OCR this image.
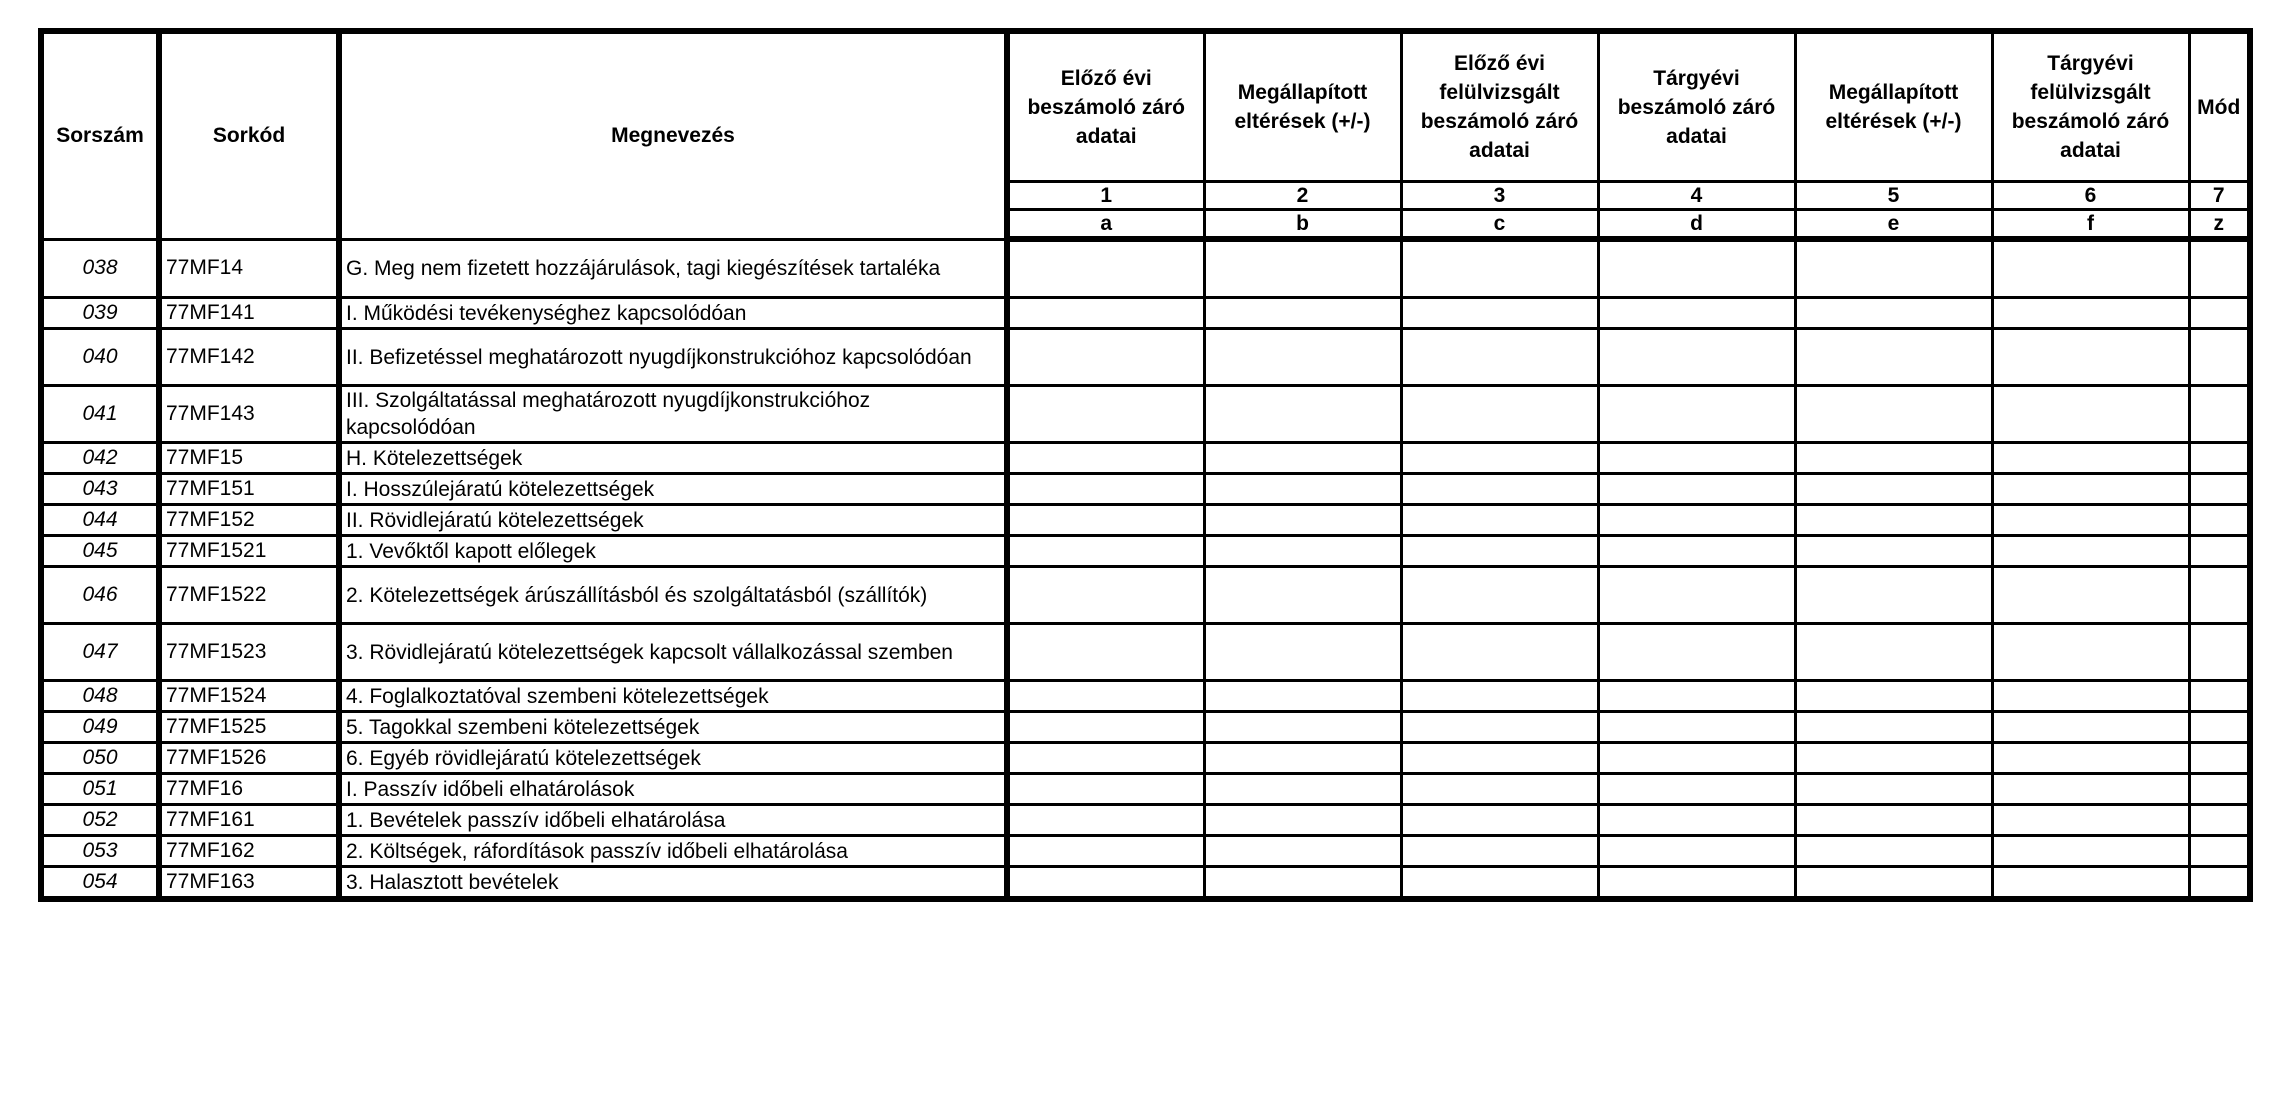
Sorszám	Sorkód	Megnevezés	Előző évi beszámoló záró adatai	Megállapított eltérések (+/-)	Előző évi felülvizsgált beszámoló záró adatai	Tárgyévi beszámoló záró adatai	Megállapított eltérések (+/-)	Tárgyévi felülvizsgált beszámoló záró adatai	Mód
			1	2	3	4	5	6	7
			a	b	c	d	e	f	z
038	77MF14	G. Meg nem fizetett hozzájárulások, tagi kiegészítések tartaléka							
039	77MF141	I. Működési tevékenységhez kapcsolódóan							
040	77MF142	II. Befizetéssel meghatározott nyugdíjkonstrukcióhoz kapcsolódóan							
041	77MF143	III. Szolgáltatással meghatározott nyugdíjkonstrukcióhoz kapcsolódóan							
042	77MF15	H. Kötelezettségek							
043	77MF151	I. Hosszúlejáratú kötelezettségek							
044	77MF152	II. Rövidlejáratú kötelezettségek							
045	77MF1521	1. Vevőktől kapott előlegek							
046	77MF1522	2. Kötelezettségek árúszállításból és szolgáltatásból (szállítók)							
047	77MF1523	3. Rövidlejáratú kötelezettségek kapcsolt vállalkozással szemben							
048	77MF1524	4. Foglalkoztatóval szembeni kötelezettségek							
049	77MF1525	5. Tagokkal szembeni kötelezettségek							
050	77MF1526	6. Egyéb rövidlejáratú kötelezettségek							
051	77MF16	I. Passzív időbeli elhatárolások							
052	77MF161	1. Bevételek passzív időbeli elhatárolása							
053	77MF162	2. Költségek, ráfordítások passzív időbeli elhatárolása							
054	77MF163	3. Halasztott bevételek							
